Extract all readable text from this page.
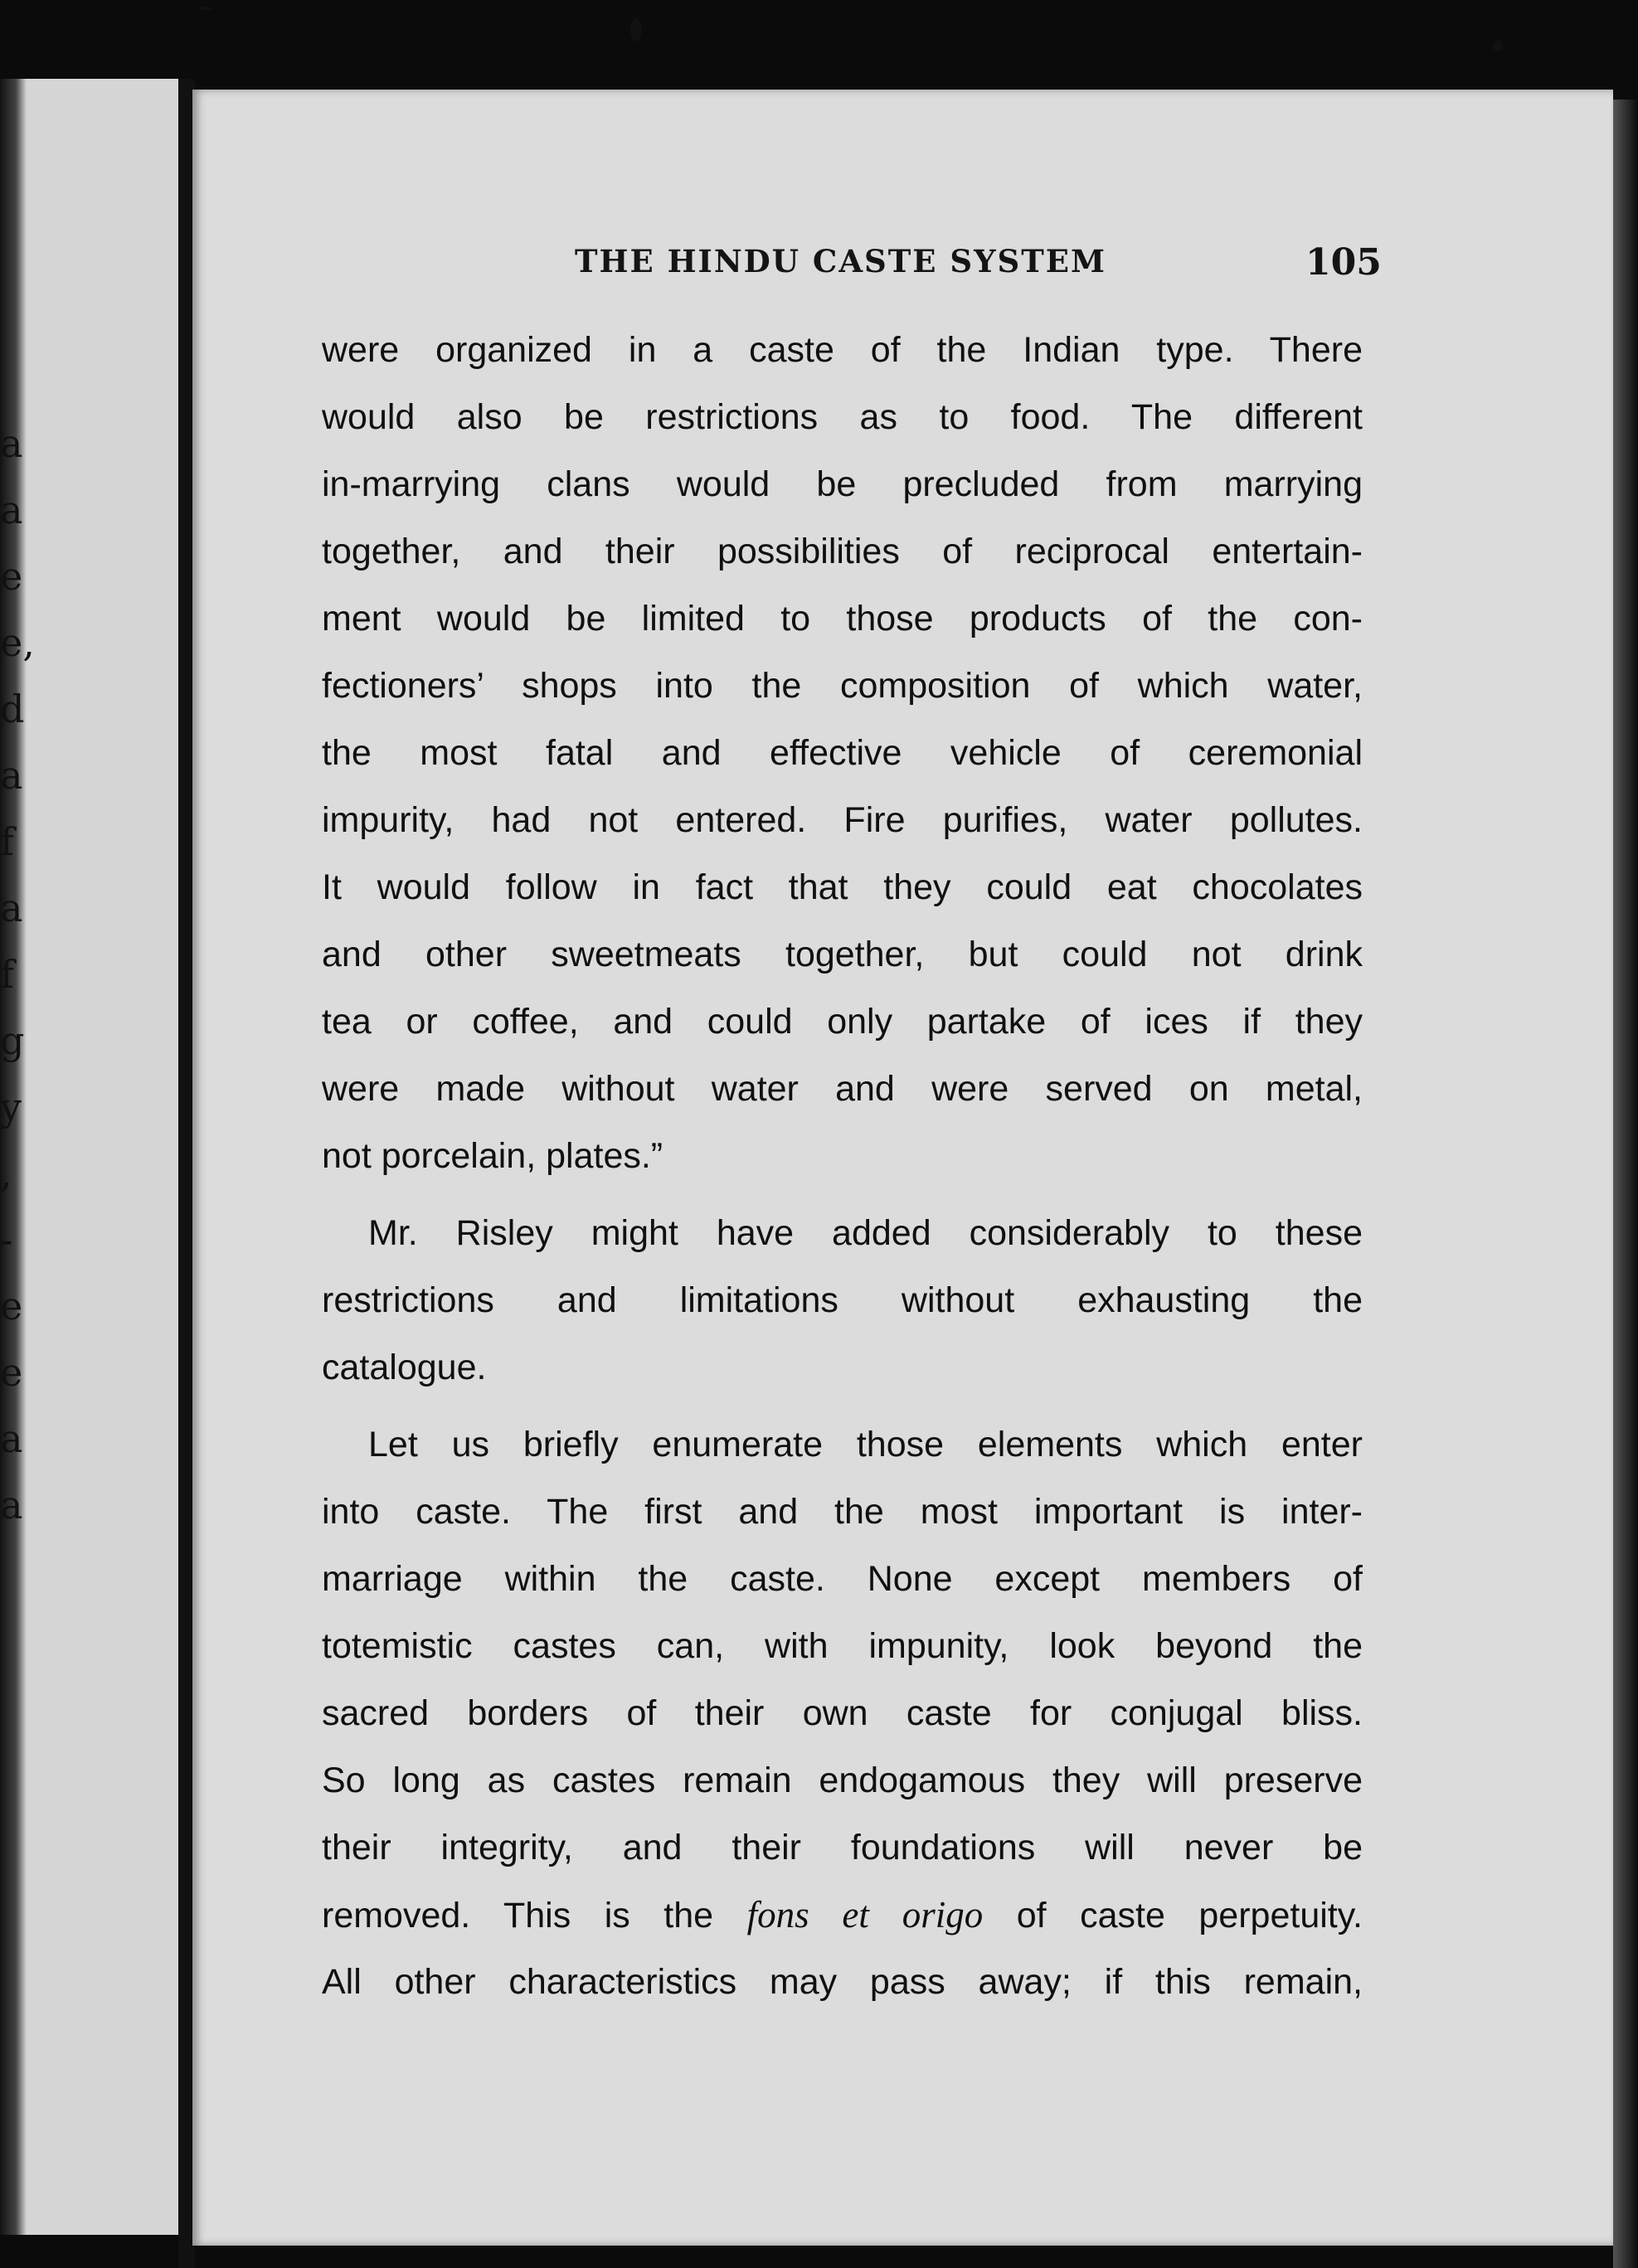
a
a
e
e,
d
a
f
a
f
g
y
,
-
e
e
a
a
THE HINDU CASTE SYSTEM	105
were organized in a caste of the Indian type. There
would also be restrictions as to food. The different
in-marrying clans would be precluded from marrying
together, and their possibilities of reciprocal entertain-
ment would be limited to those products of the con-
fectioners’ shops into the composition of which water,
the most fatal and effective vehicle of ceremonial
impurity, had not entered. Fire purifies, water pollutes.
It would follow in fact that they could eat chocolates
and other sweetmeats together, but could not drink
tea or coffee, and could only partake of ices if they
were made without water and were served on metal,
not porcelain, plates.”
Mr. Risley might have added considerably to these
restrictions and limitations without exhausting the
catalogue.
Let us briefly enumerate those elements which enter
into caste. The first and the most important is inter-
marriage within the caste. None except members of
totemistic castes can, with impunity, look beyond the
sacred borders of their own caste for conjugal bliss.
So long as castes remain endogamous they will preserve
their integrity, and their foundations will never be
removed. This is the fons et origo of caste perpetuity.
All other characteristics may pass away; if this remain,
